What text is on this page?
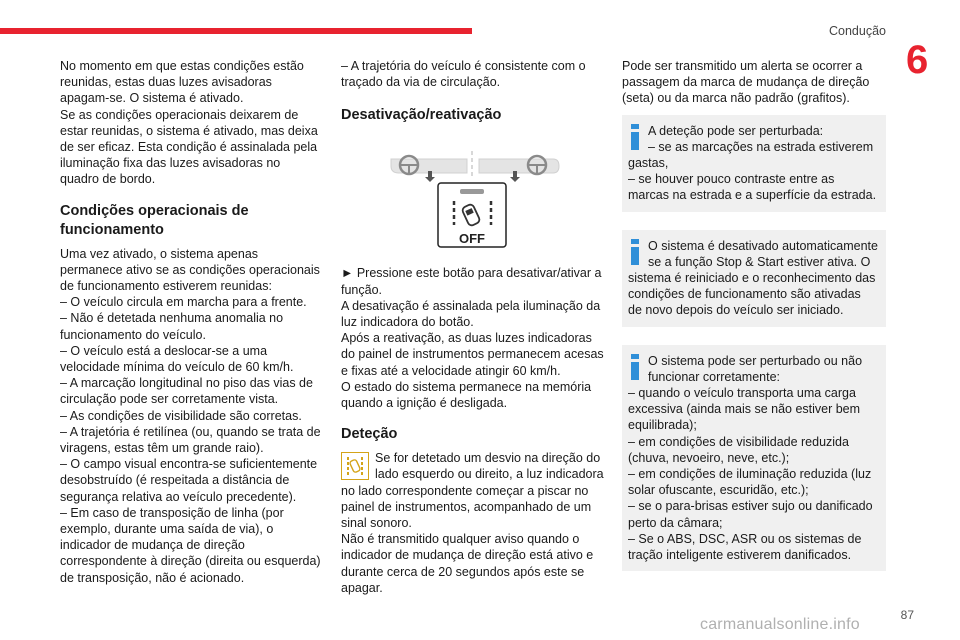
Condução
6

No momento em que estas condições estão reunidas, estas duas luzes avisadoras apagam-se. O sistema é ativado.

Se as condições operacionais deixarem de estar reunidas, o sistema é ativado, mas deixa de ser eficaz. Esta condição é assinalada pela iluminação fixa das luzes avisadoras no quadro de bordo.

Condições operacionais de funcionamento

Uma vez ativado, o sistema apenas permanece ativo se as condições operacionais de funcionamento estiverem reunidas:

– O veículo circula em marcha para a frente.

– Não é detetada nenhuma anomalia no funcionamento do veículo.

– O veículo está a deslocar-se a uma velocidade mínima do veículo de 60 km/h.

– A marcação longitudinal no piso das vias de circulação pode ser corretamente vista.

– As condições de visibilidade são corretas.

– A trajetória é retilínea (ou, quando se trata de viragens, estas têm um grande raio).

– O campo visual encontra-se suficientemente desobstruído (é respeitada a distância de segurança relativa ao veículo precedente).

– Em caso de transposição de linha (por exemplo, durante uma saída de via), o indicador de mudança de direção correspondente à direção (direita ou esquerda) de transposição, não é acionado.

– A trajetória do veículo é consistente com o traçado da via de circulação.

Desativação/reativação
OFF

► Pressione este botão para desativar/ativar a função.

A desativação é assinalada pela iluminação da luz indicadora do botão.

Após a reativação, as duas luzes indicadoras do painel de instrumentos permanecem acesas e fixas até a velocidade atingir 60 km/h.

O estado do sistema permanece na memória quando a ignição é desligada.

Deteção

Se for detetado um desvio na direção do lado esquerdo ou direito, a luz indicadora no lado correspondente começar a piscar no painel de instrumentos, acompanhado de um sinal sonoro.

Não é transmitido qualquer aviso quando o indicador de mudança de direção está ativo e durante cerca de 20 segundos após este se apagar.

Pode ser transmitido um alerta se ocorrer a passagem da marca de mudança de direção (seta) ou da marca não padrão (grafitos).

A deteção pode ser perturbada:

– se as marcações na estrada estiverem gastas,

– se houver pouco contraste entre as marcas na estrada e a superfície da estrada.

O sistema é desativado automaticamente se a função Stop & Start estiver ativa. O sistema é reiniciado e o reconhecimento das condições de funcionamento são ativadas de novo depois do veículo ser iniciado.

O sistema pode ser perturbado ou não funcionar corretamente:

– quando o veículo transporta uma carga excessiva (ainda mais se não estiver bem equilibrada);

– em condições de visibilidade reduzida (chuva, nevoeiro, neve, etc.);

– em condições de iluminação reduzida (luz solar ofuscante, escuridão, etc.);

– se o para-brisas estiver sujo ou danificado perto da câmara;

– Se o ABS, DSC, ASR ou os sistemas de tração inteligente estiverem danificados.

carmanualsonline.info
87
